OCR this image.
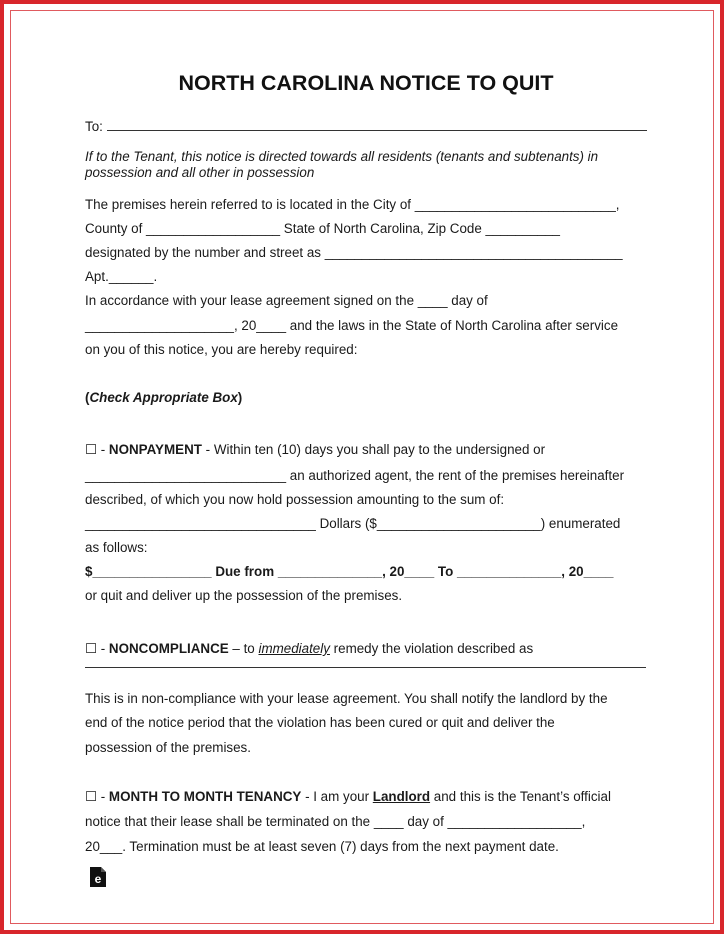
NORTH CAROLINA NOTICE TO QUIT
To:
If to the Tenant, this notice is directed towards all residents (tenants and subtenants) in
possession and all other in possession
The premises herein referred to is located in the City of ___________________________,
County of __________________ State of North Carolina, Zip Code __________
designated by the number and street as ________________________________________
Apt.______.
In accordance with your lease agreement signed on the ____ day of
____________________, 20____ and the laws in the State of North Carolina after service
on you of this notice, you are hereby required:
(Check Appropriate Box)
☐ - NONPAYMENT - Within ten (10) days you shall pay to the undersigned or
___________________________ an authorized agent, the rent of the premises hereinafter
described, of which you now hold possession amounting to the sum of:
_______________________________ Dollars ($______________________) enumerated
as follows:
$________________ Due from ______________, 20____ To ______________, 20____
or quit and deliver up the possession of the premises.
☐ - NONCOMPLIANCE – to immediately remedy the violation described as
This is in non-compliance with your lease agreement. You shall notify the landlord by the
end of the notice period that the violation has been cured or quit and deliver the
possession of the premises.
☐ - MONTH TO MONTH TENANCY - I am your Landlord and this is the Tenant’s official
notice that their lease shall be terminated on the ____ day of __________________,
20___. Termination must be at least seven (7) days from the next payment date.
e
